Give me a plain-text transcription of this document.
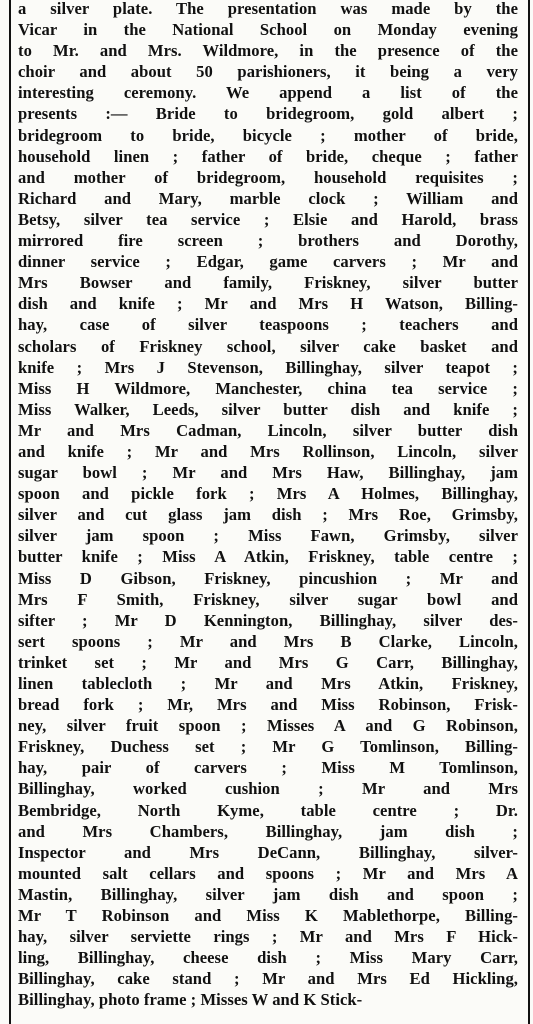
a silver plate. The presentation was made by the
Vicar in the National School on Monday evening
to Mr. and Mrs. Wildmore, in the presence of the
choir and about 50 parishioners, it being a very
interesting ceremony. We append a list of the
presents :— Bride to bridegroom, gold albert ;
bridegroom to bride, bicycle ; mother of bride,
household linen ; father of bride, cheque ; father
and mother of bridegroom, household requisites ;
Richard and Mary, marble clock ; William and
Betsy, silver tea service ; Elsie and Harold, brass
mirrored fire screen ; brothers and Dorothy,
dinner service ; Edgar, game carvers ; Mr and
Mrs Bowser and family, Friskney, silver butter
dish and knife ; Mr and Mrs H Watson, Billing-
hay, case of silver teaspoons ; teachers and
scholars of Friskney school, silver cake basket and
knife ; Mrs J Stevenson, Billinghay, silver teapot ;
Miss H Wildmore, Manchester, china tea service ;
Miss Walker, Leeds, silver butter dish and knife ;
Mr and Mrs Cadman, Lincoln, silver butter dish
and knife ; Mr and Mrs Rollinson, Lincoln, silver
sugar bowl ; Mr and Mrs Haw, Billinghay, jam
spoon and pickle fork ; Mrs A Holmes, Billinghay,
silver and cut glass jam dish ; Mrs Roe, Grimsby,
silver jam spoon ; Miss Fawn, Grimsby, silver
butter knife ; Miss A Atkin, Friskney, table centre ;
Miss D Gibson, Friskney, pincushion ; Mr and
Mrs F Smith, Friskney, silver sugar bowl and
sifter ; Mr D Kennington, Billinghay, silver des-
sert spoons ; Mr and Mrs B Clarke, Lincoln,
trinket set ; Mr and Mrs G Carr, Billinghay,
linen tablecloth ; Mr and Mrs Atkin, Friskney,
bread fork ; Mr, Mrs and Miss Robinson, Frisk-
ney, silver fruit spoon ; Misses A and G Robinson,
Friskney, Duchess set ; Mr G Tomlinson, Billing-
hay, pair of carvers ; Miss M Tomlinson,
Billinghay, worked cushion ; Mr and Mrs
Bembridge, North Kyme, table centre ; Dr.
and Mrs Chambers, Billinghay, jam dish ;
Inspector and Mrs DeCann, Billinghay, silver-
mounted salt cellars and spoons ; Mr and Mrs A
Mastin, Billinghay, silver jam dish and spoon ;
Mr T Robinson and Miss K Mablethorpe, Billing-
hay, silver serviette rings ; Mr and Mrs F Hick-
ling, Billinghay, cheese dish ; Miss Mary Carr,
Billinghay, cake stand ; Mr and Mrs Ed Hickling,
Billinghay, photo frame ; Misses W and K Stick-
